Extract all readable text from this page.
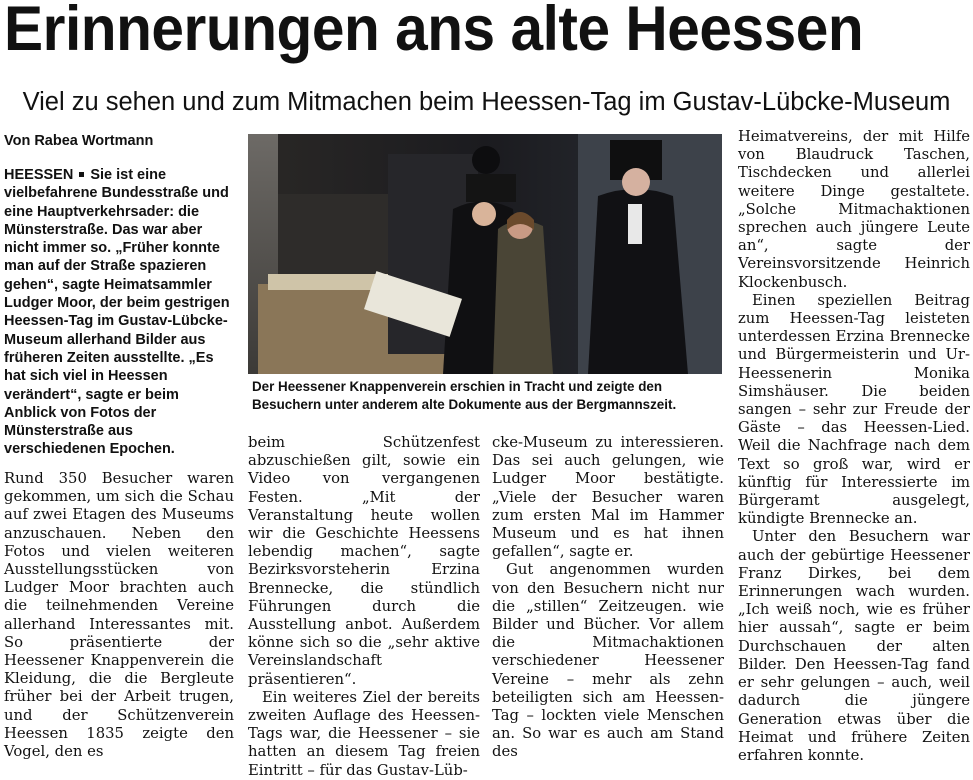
Erinnerungen ans alte Heessen
Viel zu sehen und zum Mitmachen beim Heessen-Tag im Gustav-Lübcke-Museum
Von Rabea Wortmann

HEESSEN Sie ist eine vielbefahrene Bundesstraße und eine Hauptverkehrsader: die Münsterstraße. Das war aber nicht immer so. „Früher konnte man auf der Straße spazieren gehen“, sagte Heimatsammler Ludger Moor, der beim gestrigen Heessen-Tag im Gustav-Lübcke-Museum allerhand Bilder aus früheren Zeiten ausstellte. „Es hat sich viel in Heessen verändert“, sagte er beim Anblick von Fotos der Münsterstraße aus verschiedenen Epochen.

Der Heessener Knappenverein erschien in Tracht und zeigte den Besuchern unter anderem alte Dokumente aus der Bergmannszeit.

Rund 350 Besucher waren gekommen, um sich die Schau auf zwei Etagen des Museums anzuschauen. Neben den Fotos und vielen weiteren Ausstellungsstücken von Ludger Moor brachten auch die teilnehmenden Vereine allerhand Interessantes mit. So präsentierte der Heessener Knappenverein die Kleidung, die die Bergleute früher bei der Arbeit trugen, und der Schützenverein Heessen 1835 zeigte den Vogel, den es

beim Schützenfest abzuschießen gilt, sowie ein Video von vergangenen Festen. „Mit der Veranstaltung heute wollen wir die Geschichte Heessens lebendig machen“, sagte Bezirksvorsteherin Erzina Brennecke, die stündlich Führungen durch die Ausstellung anbot. Außerdem könne sich so die „sehr aktive Vereinslandschaft präsentieren“.

Ein weiteres Ziel der bereits zweiten Auflage des Heessen-Tags war, die Heessener – sie hatten an diesem Tag freien Eintritt – für das Gustav-Lüb-

cke-Museum zu interessieren. Das sei auch gelungen, wie Ludger Moor bestätigte. „Viele der Besucher waren zum ersten Mal im Hammer Museum und es hat ihnen gefallen“, sagte er.

Gut angenommen wurden von den Besuchern nicht nur die „stillen“ Zeitzeugen. wie Bilder und Bücher. Vor allem die Mitmachaktionen verschiedener Heessener Vereine – mehr als zehn beteiligten sich am Heessen-Tag – lockten viele Menschen an. So war es auch am Stand des

Heimatvereins, der mit Hilfe von Blaudruck Taschen, Tischdecken und allerlei weitere Dinge gestaltete. „Solche Mitmachaktionen sprechen auch jüngere Leute an“, sagte der Vereinsvorsitzende Heinrich Klockenbusch.

Einen speziellen Beitrag zum Heessen-Tag leisteten unterdessen Erzina Brennecke und Bürgermeisterin und Ur-Heessenerin Monika Simshäuser. Die beiden sangen – sehr zur Freude der Gäste – das Heessen-Lied. Weil die Nachfrage nach dem Text so groß war, wird er künftig für Interessierte im Bürgeramt ausgelegt, kündigte Brennecke an.

Unter den Besuchern war auch der gebürtige Heessener Franz Dirkes, bei dem Erinnerungen wach wurden. „Ich weiß noch, wie es früher hier aussah“, sagte er beim Durchschauen der alten Bilder. Den Heessen-Tag fand er sehr gelungen – auch, weil dadurch die jüngere Generation etwas über die Heimat und frühere Zeiten erfahren konnte.
